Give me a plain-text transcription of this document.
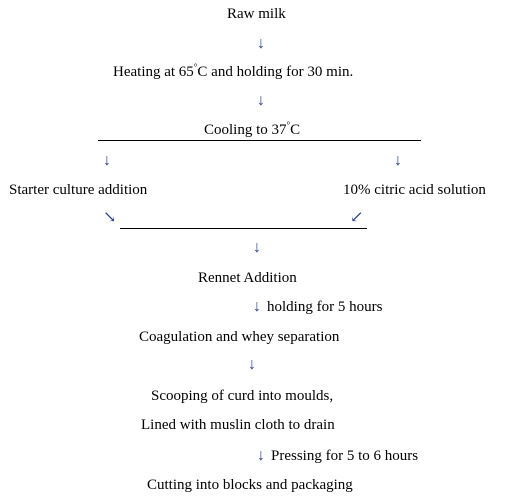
Raw milk
↓
Heating at 65°C and holding for 30 min.
↓
Cooling to 37°C
↓	↓
Starter culture addition	10% citric acid solution
↘	↙
↓
Rennet Addition
↓ holding for 5 hours
Coagulation and whey separation
↓
Scooping of curd into moulds,
Lined with muslin cloth to drain
↓ Pressing for 5 to 6 hours
Cutting into blocks and packaging
